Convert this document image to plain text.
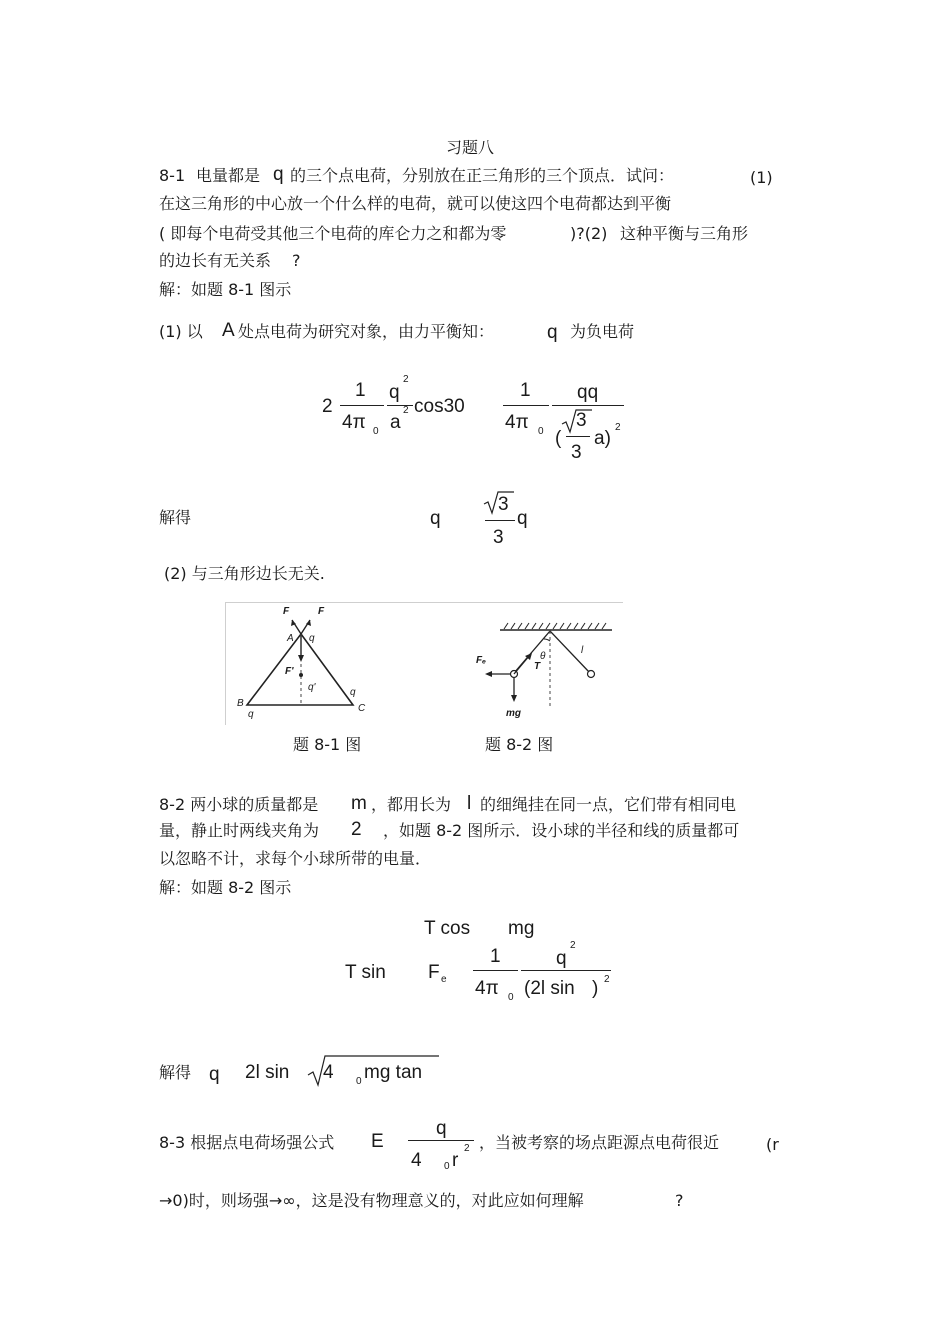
习题八
8-1 电量都是 q 的三个点电荷，分别放在正三角形的三个顶点．试问：	(1)
在这三角形的中心放一个什么样的电荷，就可以使这四个电荷都达到平衡
( 即每个电荷受其他三个电荷的库仑力之和都为零	)?(2) 这种平衡与三角形
的边长有无关系 ?
解：如题 8-1 图示
(1) 以 A 处点电荷为研究对象，由力平衡知：	q 为负电荷
2
1
4π 0
q
2
a
2 cos30
1
4π 0
qq
(
3
3
a)
2
解得	q
3
3
q
(2) 与三角形边长无关.
F	F
A q
F'
q'	q
B
q
C
Fₑ
T
θ
l
mg
题 8-1 图	题 8-2 图
8-2 两小球的质量都是 m ，都用长为 l 的细绳挂在同一点，它们带有相同电
量，静止时两线夹角为 2 ，如题 8-2 图所示．设小球的半径和线的质量都可
以忽略不计，求每个小球所带的电量．
解：如题 8-2 图示
T cos mg
T sin F e
1
4π 0
q
2
(2l sin ) 2
解得 q 2l sin 4 0 mg tan
8-3 根据点电荷场强公式 E
q
4 0 r
2 ，当被考察的场点距源点电荷很近	(r
→0)时，则场强→∞，这是没有物理意义的，对此应如何理解	?
